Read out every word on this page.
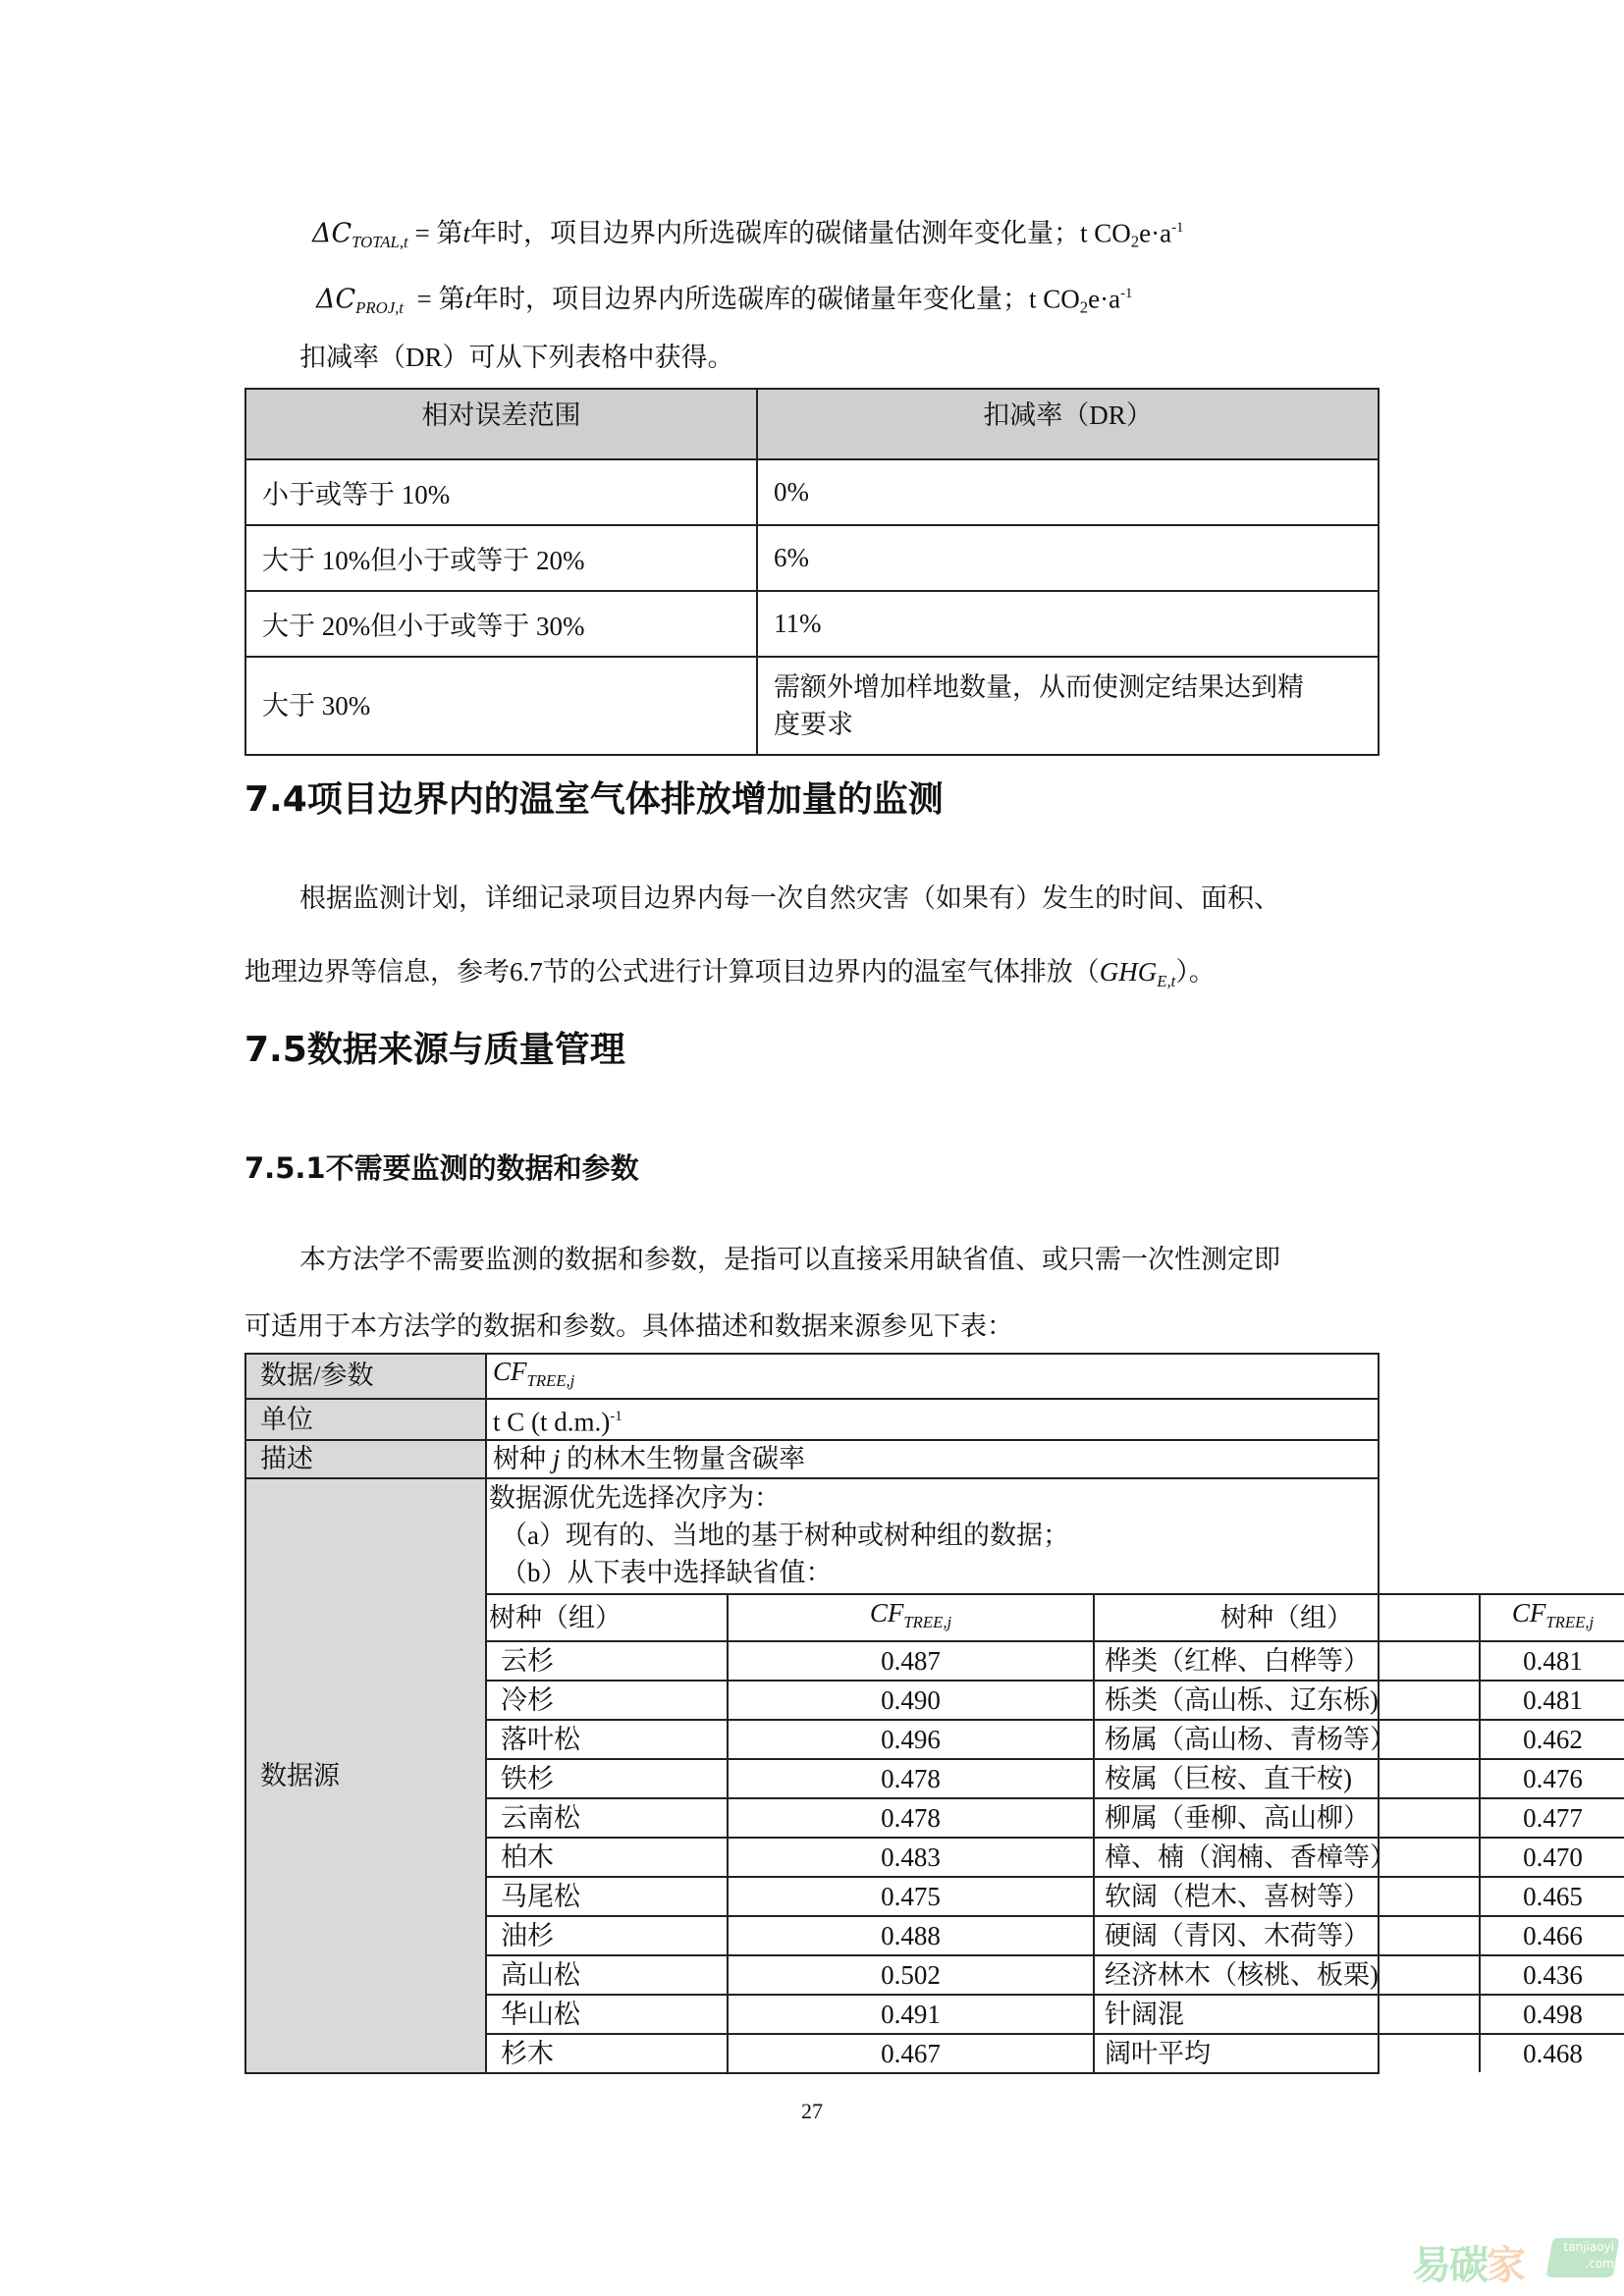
$\Delta C_{TOTAL,t}$ = 第t年时，项目边界内所选碳库的碳储量估测年变化量；t $CO2e\cdot a^{-1}$
$\Delta C_{PROJ,t}$  = 第t年时，项目边界内所选碳库的碳储量年变化量；t $CO2e\cdot a^{-1}$
扣减率（DR）可从下列表格中获得。
相对误差范围	扣减率（DR）
小于或等于 10%	0%
大于 10%但小于或等于 20%	6%
大于 20%但小于或等于 30%	11%
大于 30%	需额外增加样地数量，从而使测定结果达到精
度要求
7.4项目边界内的温室气体排放增加量的监测
根据监测计划，详细记录项目边界内每一次自然灾害（如果有）发生的时间、面积、
地理边界等信息，参考6.7节的公式进行计算项目边界内的温室气体排放$(GHG_{E,t})$。
7.5数据来源与质量管理
7.5.1不需要监测的数据和参数
本方法学不需要监测的数据和参数，是指可以直接采用缺省值、或只需一次性测定即
可适用于本方法学的数据和参数。具体描述和数据来源参见下表：
数据/参数	$CF_{TREE,j}$
单位	t C (t d.m.)$^{-1}$
描述	树种 j 的林木生物量含碳率
数据源	
数据源优先选择次序为：
（a）现有的、当地的基于树种或树种组的数据；
（b）从下表中选择缺省值：
树种（组）	$CF_{TREE,j}$	树种（组）	$CF_{TREE,j}$
云杉	0.487	桦类（红桦、白桦等）	0.481
冷杉	0.490	栎类（高山栎、辽东栎)	0.481
落叶松	0.496	杨属（高山杨、青杨等）	0.462
铁杉	0.478	桉属（巨桉、直干桉)	0.476
云南松	0.478	柳属（垂柳、高山柳）	0.477
柏木	0.483	樟、楠（润楠、香樟等）	0.470
马尾松	0.475	软阔（桤木、喜树等）	0.465
油杉	0.488	硬阔（青冈、木荷等）	0.466
高山松	0.502	经济林木（核桃、板栗)	0.436
华山松	0.491	针阔混	0.498
杉木	0.467	阔叶平均	0.468
27
易碳家	tanjiaoyi
.com
